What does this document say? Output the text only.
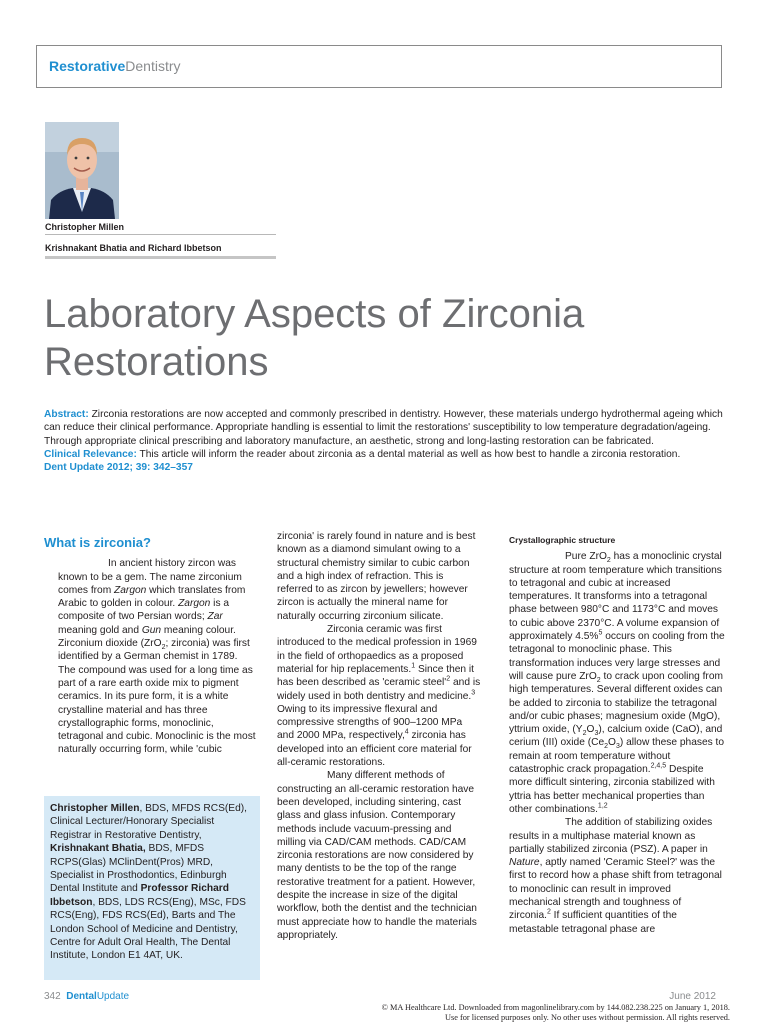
RestorativeDentistry
Christopher Millen
Krishnakant Bhatia and Richard Ibbetson
Laboratory Aspects of Zirconia
Restorations

Abstract: Zirconia restorations are now accepted and commonly prescribed in dentistry. However, these materials undergo hydrothermal ageing which can reduce their clinical performance. Appropriate handling is essential to limit the restorations' susceptibility to low temperature degradation/ageing. Through appropriate clinical prescribing and laboratory manufacture, an aesthetic, strong and long-lasting restoration can be fabricated.

Clinical Relevance: This article will inform the reader about zirconia as a dental material as well as how best to handle a zirconia restoration.

Dent Update 2012; 39: 342–357

What is zirconia?

In ancient history zircon was known to be a gem. The name zirconium comes from Zargon which translates from Arabic to golden in colour. Zargon is a composite of two Persian words; Zar meaning gold and Gun meaning colour. Zirconium dioxide (ZrO$_2$; zirconia) was first identified by a German chemist in 1789. The compound was used for a long time as part of a rare earth oxide mix to pigment ceramics. In its pure form, it is a white crystalline material and has three crystallographic forms, monoclinic, tetragonal and cubic. Monoclinic is the most naturally occurring form, while 'cubic

Christopher Millen, BDS, MFDS RCS(Ed), Clinical Lecturer/Honorary Specialist Registrar in Restorative Dentistry, Krishnakant Bhatia, BDS, MFDS RCPS(Glas) MClinDent(Pros) MRD, Specialist in Prosthodontics, Edinburgh Dental Institute and Professor Richard Ibbetson, BDS, LDS RCS(Eng), MSc, FDS RCS(Eng), FDS RCS(Ed), Barts and The London School of Medicine and Dentistry, Centre for Adult Oral Health, The Dental Institute, London E1 4AT, UK.

zirconia' is rarely found in nature and is best known as a diamond simulant owing to a structural chemistry similar to cubic carbon and a high index of refraction. This is referred to as zircon by jewellers; however zircon is actually the mineral name for naturally occurring zirconium silicate.

Zirconia ceramic was first introduced to the medical profession in 1969 in the field of orthopaedics as a proposed material for hip replacements.$^1$ Since then it has been described as 'ceramic $steel'^2$ and is widely used in both dentistry and medicine.$^3$ Owing to its impressive flexural and compressive strengths of 900–1200 MPa and 2000 MPa, respectively,$^4$ zirconia has developed into an efficient core material for all-ceramic restorations.

Many different methods of constructing an all-ceramic restoration have been developed, including sintering, cast glass and glass infusion. Contemporary methods include vacuum-pressing and milling via CAD/CAM methods. CAD/CAM zirconia restorations are now considered by many dentists to be the top of the range restorative treatment for a patient. However, despite the increase in size of the digital workflow, both the dentist and the technician must appreciate how to handle the materials appropriately.

Crystallographic structure

Pure ZrO$_2$ has a monoclinic crystal structure at room temperature which transitions to tetragonal and cubic at increased temperatures. It transforms into a tetragonal phase between 980°C and 1173°C and moves to cubic above 2370°C. A volume expansion of approximately 4.5%$^5$ occurs on cooling from the tetragonal to monoclinic phase. This transformation induces very large stresses and will cause pure ZrO$_2$ to crack upon cooling from high temperatures. Several different oxides can be added to zirconia to stabilize the tetragonal and/or cubic phases; magnesium oxide (MgO), yttrium oxide, $(Y_2O_3)$, calcium oxide (CaO), and cerium (III) oxide $(Ce_2O_3)$ allow these phases to remain at room temperature without catastrophic crack propagation.$^{2,4,5}$ Despite more difficult sintering, zirconia stabilized with yttria has better mechanical properties than other combinations.$^{1,2}$

The addition of stabilizing oxides results in a multiphase material known as partially stabilized zirconia (PSZ). A paper in Nature, aptly named 'Ceramic Steel?' was the first to record how a phase shift from tetragonal to monoclinic can result in improved mechanical strength and toughness of zirconia.$^2$ If sufficient quantities of the metastable tetragonal phase are

342 DentalUpdate	June 2012
© MA Healthcare Ltd. Downloaded from magonlinelibrary.com by 144.082.238.225 on January 1, 2018.
Use for licensed purposes only. No other uses without permission. All rights reserved.
